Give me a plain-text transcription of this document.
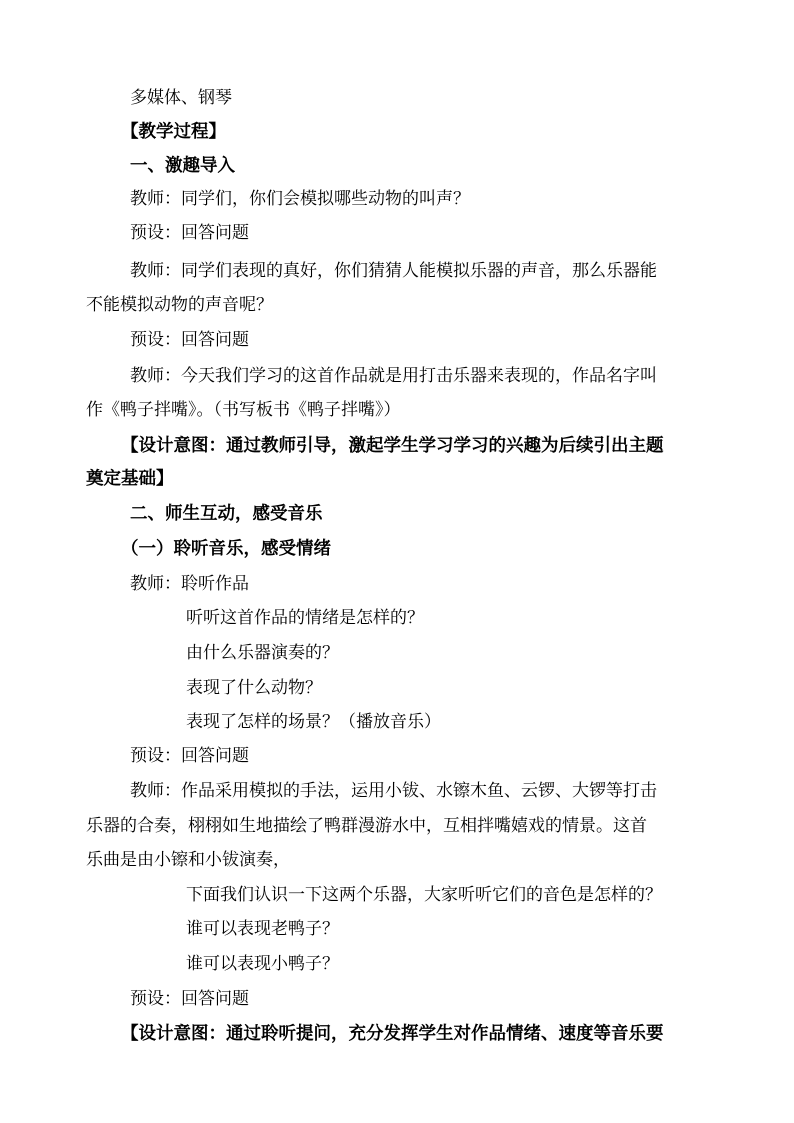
多媒体、钢琴
【教学过程】
一、激趣导入
教师：同学们，你们会模拟哪些动物的叫声？
预设：回答问题
教师：同学们表现的真好，你们猜猜人能模拟乐器的声音，那么乐器能
不能模拟动物的声音呢？
预设：回答问题
教师：今天我们学习的这首作品就是用打击乐器来表现的，作品名字叫
作《鸭子拌嘴》。（书写板书《鸭子拌嘴》）
【设计意图：通过教师引导，激起学生学习学习的兴趣为后续引出主题
奠定基础】
二、师生互动，感受音乐
（一）聆听音乐，感受情绪
教师：聆听作品
听听这首作品的情绪是怎样的？
由什么乐器演奏的？
表现了什么动物？
表现了怎样的场景？（播放音乐）
预设：回答问题
教师：作品采用模拟的手法，运用小钹、水镲木鱼、云锣、大锣等打击
乐器的合奏，栩栩如生地描绘了鸭群漫游水中，互相拌嘴嬉戏的情景。这首
乐曲是由小镲和小钹演奏，
下面我们认识一下这两个乐器，大家听听它们的音色是怎样的？
谁可以表现老鸭子？
谁可以表现小鸭子？
预设：回答问题
【设计意图：通过聆听提问，充分发挥学生对作品情绪、速度等音乐要
